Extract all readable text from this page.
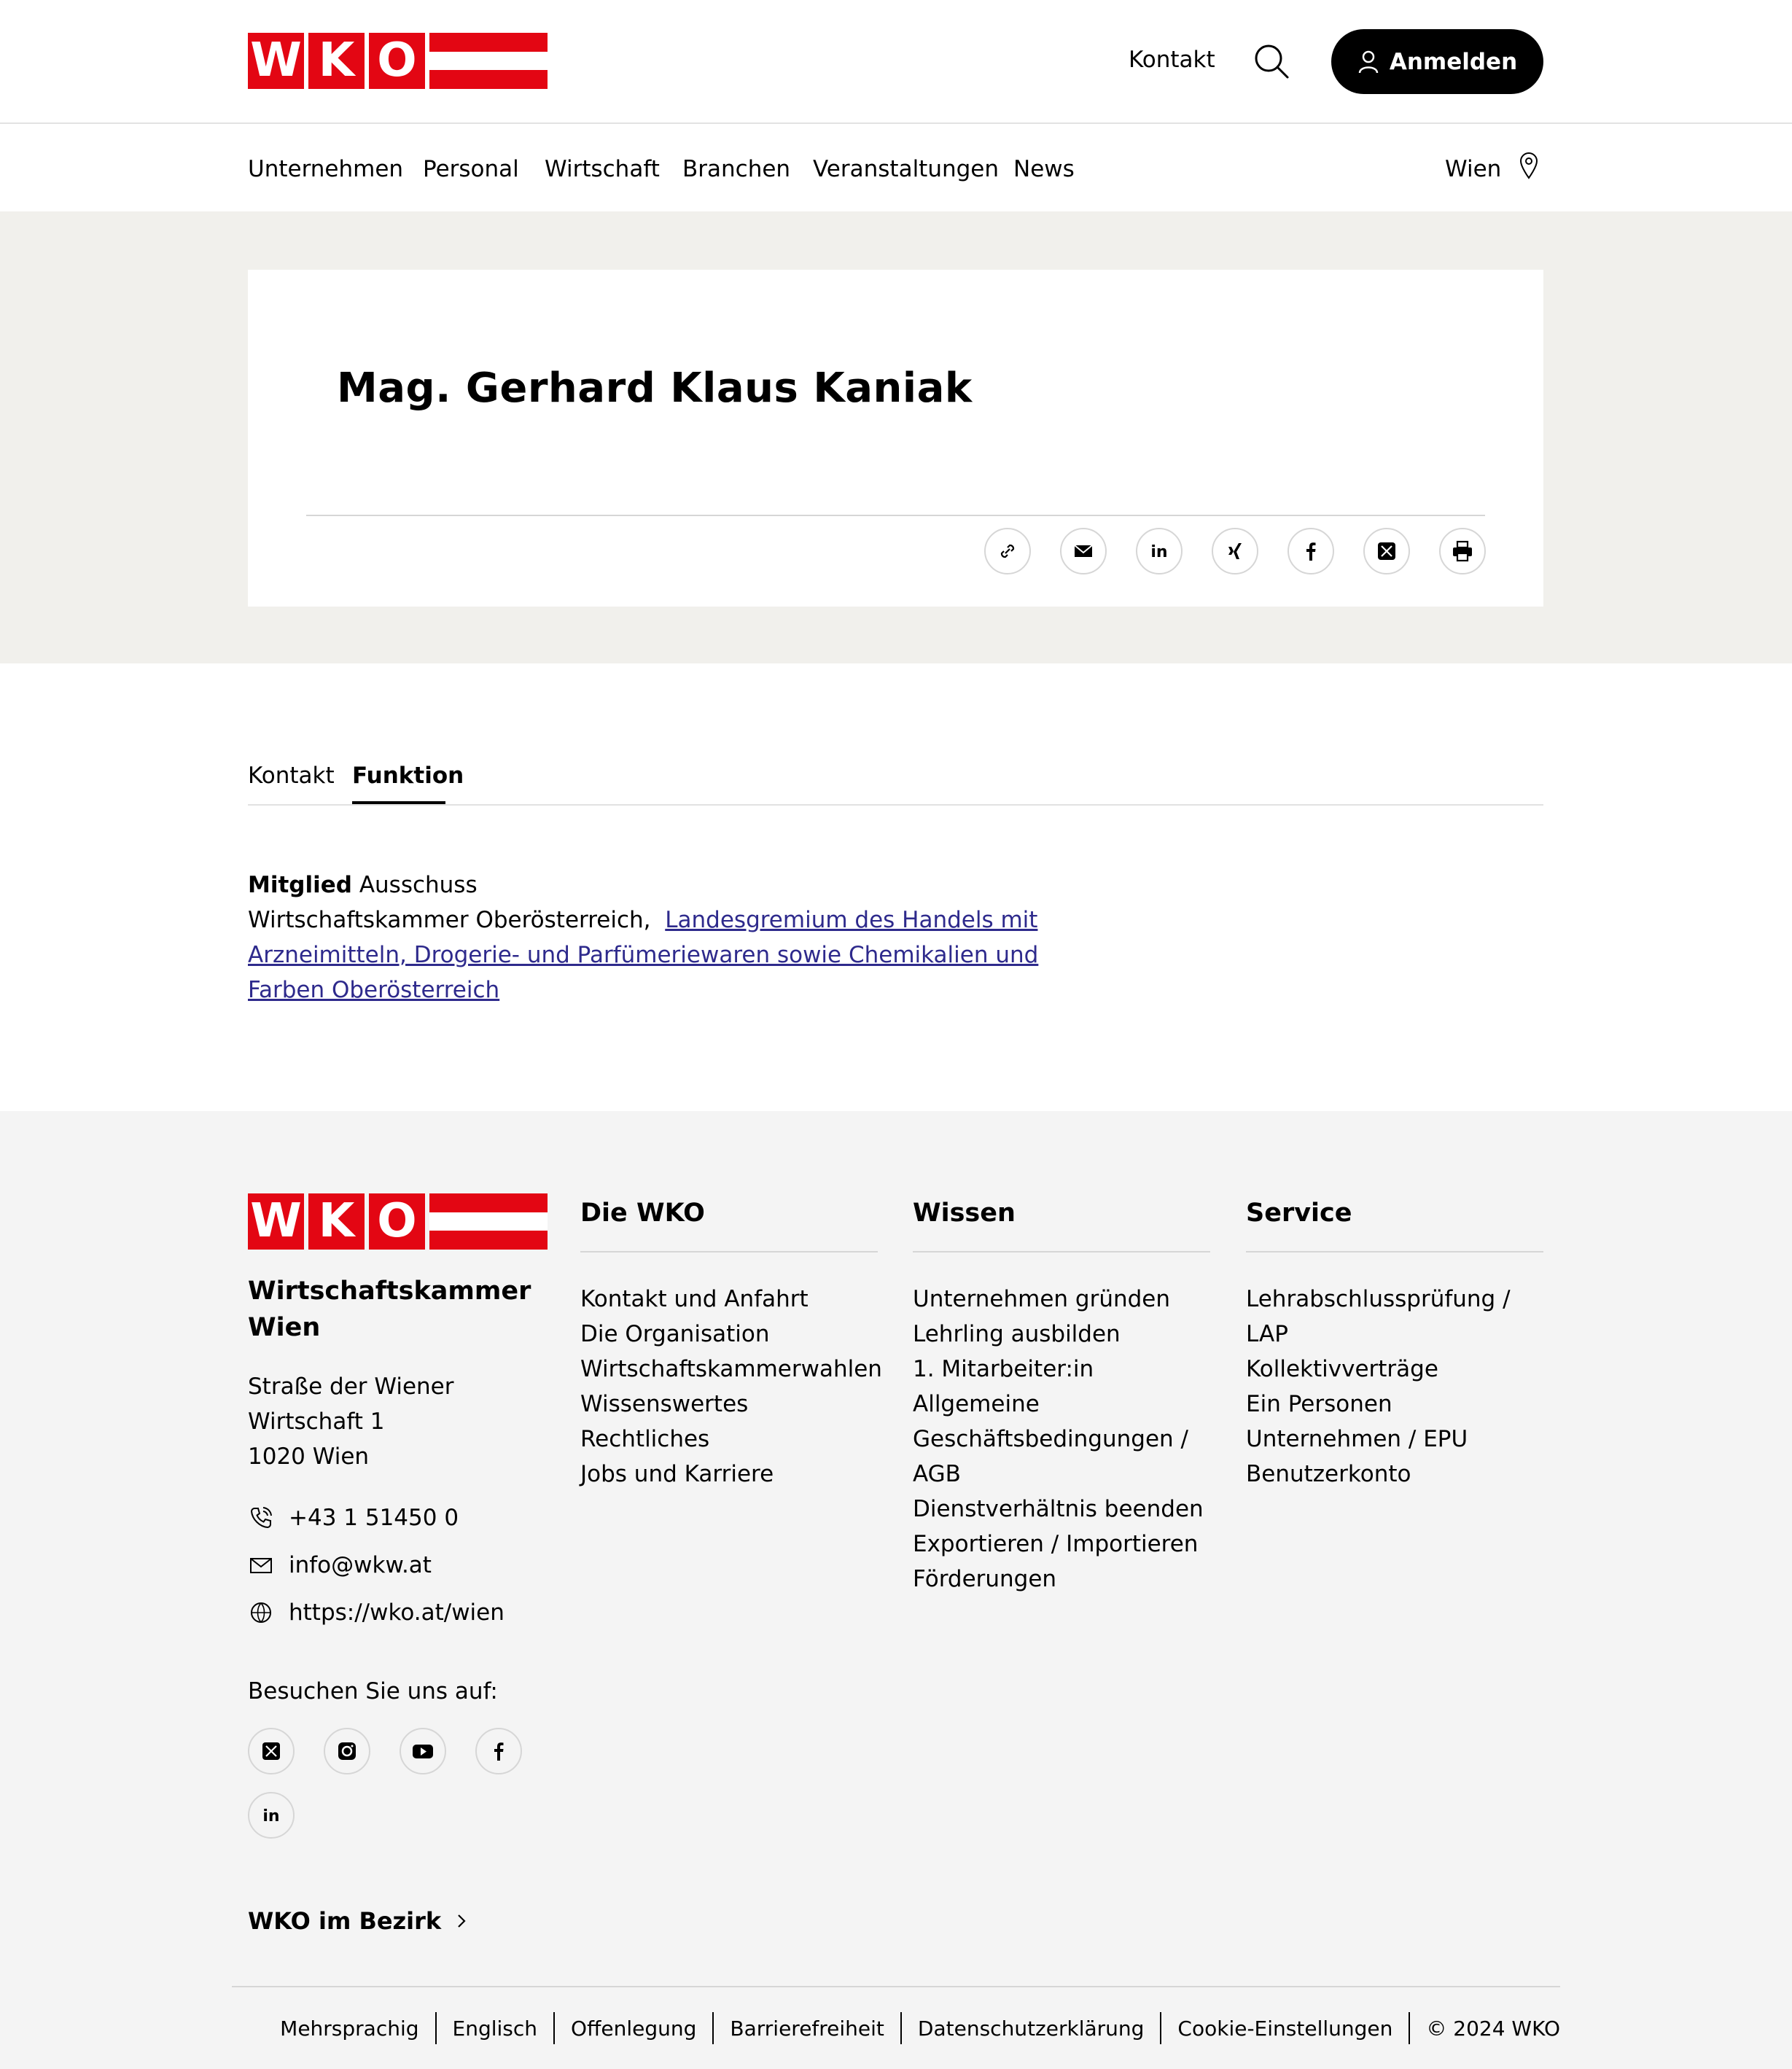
W K O	Kontakt	Anmelden
Unternehmen Personal Wirtschaft Branchen Veranstaltungen News	Wien
Mag. Gerhard Klaus Kaniak
in
Kontakt Funktion
Mitglied Ausschuss
Wirtschaftskammer Oberösterreich, Landesgremium des Handels mit Arzneimitteln, Drogerie- und Parfümeriewaren sowie Chemikalien und Farben Oberösterreich
W K O
Wirtschaftskammer Wien
Straße der Wiener
Wirtschaft 1
1020 Wien
+43 1 51450 0
info@wkw.at
https://wko.at/wien
Besuchen Sie uns auf:
in
WKO im Bezirk
Die WKO
Kontakt und Anfahrt
Die Organisation
Wirtschaftskammerwahlen
Wissenswertes
Rechtliches
Jobs und Karriere
Wissen
Unternehmen gründen
Lehrling ausbilden
1. Mitarbeiter:in
Allgemeine Geschäftsbedingungen / AGB
Dienstverhältnis beenden
Exportieren / Importieren
Förderungen
Service
Lehrabschlussprüfung / LAP
Kollektivverträge
Ein Personen Unternehmen / EPU
Benutzerkonto
Mehrsprachig	Englisch	Offenlegung	Barrierefreiheit	Datenschutzerklärung	Cookie-Einstellungen	© 2024 WKO
